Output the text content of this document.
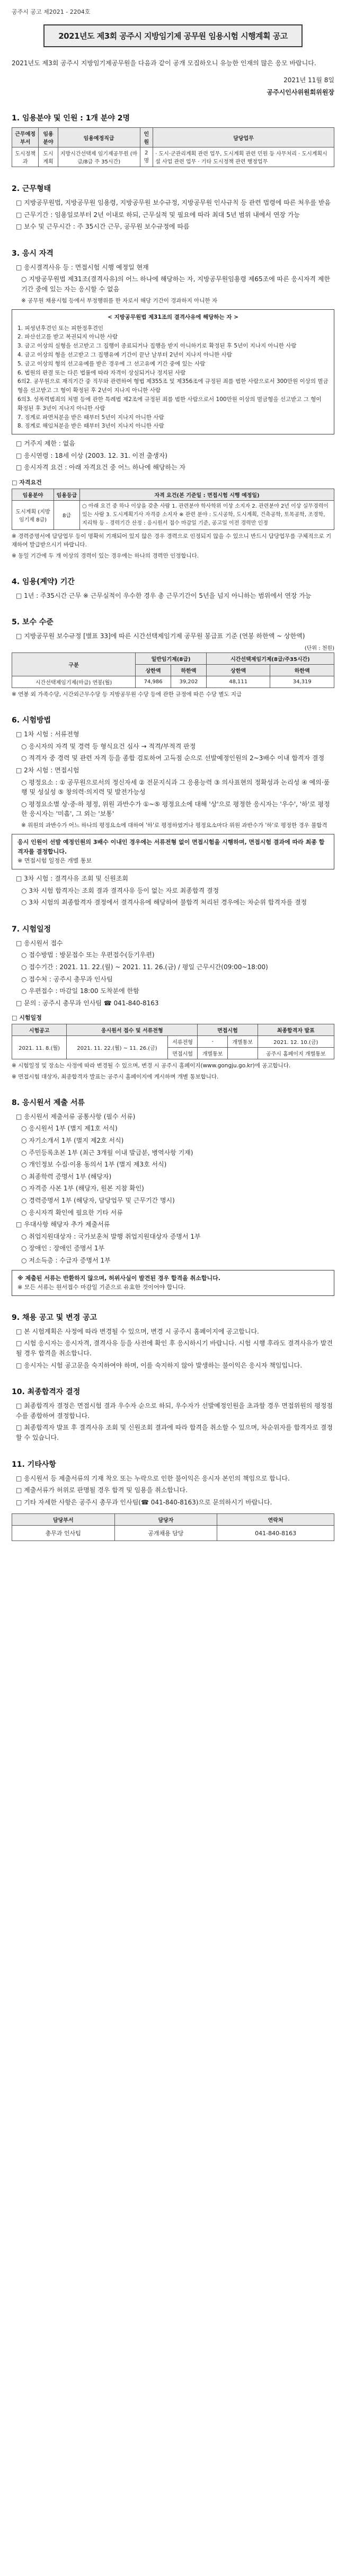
공주시 공고 제2021 - 2204호
2021년도 제3회 공주시 지방임기제 공무원 임용시험 시행계획 공고
2021년도 제3회 공주시 지방임기제공무원을 다음과 같이 공개 모집하오니 유능한 인재의 많은 응모 바랍니다.
2021년 11월 8일
공주시인사위원회위원장
1. 임용분야 및 인원 : 1개 분야 2명
근무예정 부서	임용분야	임용예정직급	인원	담당업무
도시정책과	도시계획	지방시간선택제 임기제공무원 (마급/8급 주 35시간)	2명	· 도시·군관리계획 관련 업무, 도시계획 관련 민원 등 사무처리 · 도시계획시설 사업 관련 업무 · 기타 도시정책 관련 행정업무
2. 근무형태

□ 지방공무원법, 지방공무원 임용령, 지방공무원 보수규정, 지방공무원 인사규칙 등 관련 법령에 따른 처우를 받음

□ 근무기간 : 임용일로부터 2년 이내로 하되, 근무실적 및 필요에 따라 최대 5년 범위 내에서 연장 가능

□ 보수 및 근무시간 : 주 35시간 근무, 공무원 보수규정에 따름

3. 응시 자격

□ 응시결격사유 등 : 면접시험 시행 예정일 현재

○ 지방공무원법 제31조(결격사유)의 어느 하나에 해당하는 자, 지방공무원임용령 제65조에 따른 응시자격 제한기간 중에 있는 자는 응시할 수 없음

※ 공무원 채용시험 등에서 부정행위를 한 자로서 해당 기간이 경과하지 아니한 자

< 지방공무원법 제31조의 결격사유에 해당하는 자 >
1. 피성년후견인 또는 피한정후견인
2. 파산선고를 받고 복권되지 아니한 사람
3. 금고 이상의 실형을 선고받고 그 집행이 종료되거나 집행을 받지 아니하기로 확정된 후 5년이 지나지 아니한 사람
4. 금고 이상의 형을 선고받고 그 집행유예 기간이 끝난 날부터 2년이 지나지 아니한 사람
5. 금고 이상의 형의 선고유예를 받은 경우에 그 선고유예 기간 중에 있는 사람
6. 법원의 판결 또는 다른 법률에 따라 자격이 상실되거나 정지된 사람
6의2. 공무원으로 재직기간 중 직무와 관련하여 형법 제355조 및 제356조에 규정된 죄를 범한 사람으로서 300만원 이상의 벌금형을 선고받고 그 형이 확정된 후 2년이 지나지 아니한 사람
6의3. 성폭력범죄의 처벌 등에 관한 특례법 제2조에 규정된 죄를 범한 사람으로서 100만원 이상의 벌금형을 선고받고 그 형이 확정된 후 3년이 지나지 아니한 사람
7. 징계로 파면처분을 받은 때부터 5년이 지나지 아니한 사람
8. 징계로 해임처분을 받은 때부터 3년이 지나지 아니한 사람

□ 거주지 제한 : 없음

□ 응시연령 : 18세 이상 (2003. 12. 31. 이전 출생자)

□ 응시자격 요건 : 아래 자격요건 중 어느 하나에 해당하는 자

□ 자격요건
임용분야	임용등급	자격 요건(본 기준일 : 면접시험 시행 예정일)
도시계획 (지방임기제 8급)	8급	○ 아래 요건 중 하나 이상을 갖춘 사람 1. 관련분야 학사학위 이상 소지자 2. 관련분야 2년 이상 실무경력이 있는 사람 3. 도시계획기사 자격증 소지자 ※ 관련 분야 : 도시공학, 도시계획, 건축공학, 토목공학, 조경학, 지리학 등 - 경력기간 산정 : 응시원서 접수 마감일 기준, 공고일 이전 경력만 인정

※ 경력증명서에 담당업무 등이 명확히 기재되어 있지 않은 경우 경력으로 인정되지 않을 수 있으니 반드시 담당업무를 구체적으로 기재하여 발급받으시기 바랍니다.

※ 동일 기간에 두 개 이상의 경력이 있는 경우에는 하나의 경력만 인정합니다.

4. 임용(계약) 기간

□ 1년 : 주35시간 근무 ※ 근무실적이 우수한 경우 총 근무기간이 5년을 넘지 아니하는 범위에서 연장 가능

5. 보수 수준

□ 지방공무원 보수규정 [별표 33]에 따른 시간선택제임기제 공무원 봉급표 기준 (연봉 하한액 ~ 상한액)

(단위 : 천원)
구분	일반임기제(8급)		시간선택제임기제(8급/주35시간)	
	상한액	하한액	상한액	하한액
시간선택제임기제(마급) 연봉(월)	74,986	39,202	48,111	34,319

※ 연봉 외 가족수당, 시간외근무수당 등 지방공무원 수당 등에 관한 규정에 따른 수당 별도 지급

6. 시험방법

□ 1차 시험 : 서류전형

○ 응시자의 자격 및 경력 등 형식요건 심사 → 적격/부적격 판정

○ 적격자 중 경력 및 관련 자격 등을 종합 검토하여 고득점 순으로 선발예정인원의 2~3배수 이내 합격자 결정

□ 2차 시험 : 면접시험

○ 평정요소 : ① 공무원으로서의 정신자세 ② 전문지식과 그 응용능력 ③ 의사표현의 정확성과 논리성 ④ 예의·품행 및 성실성 ⑤ 창의력·의지력 및 발전가능성

○ 평정요소별 상·중·하 평정, 위원 과반수가 ①~⑤ 평정요소에 대해 '상'으로 평정한 응시자는 '우수', '하'로 평정한 응시자는 '미흡', 그 외는 '보통'

※ 위원의 과반수가 어느 하나의 평정요소에 대하여 '하'로 평정하였거나 평정요소마다 위원 과반수가 '하'로 평정한 경우 불합격

응시 인원이 선발 예정인원의 3배수 이내인 경우에는 서류전형 없이 면접시험을 시행하며, 면접시험 결과에 따라 최종 합격자를 결정합니다.
※ 면접시험 일정은 개별 통보

□ 3차 시험 : 결격사유 조회 및 신원조회

○ 3차 시험 합격자는 조회 결과 결격사유 등이 없는 자로 최종합격 결정

○ 3차 시험의 최종합격자 결정에서 결격사유에 해당하여 불합격 처리된 경우에는 차순위 합격자를 결정

7. 시험일정

□ 응시원서 접수

○ 접수방법 : 방문접수 또는 우편접수(등기우편)

○ 접수기간 : 2021. 11. 22.(월) ~ 2021. 11. 26.(금) / 평일 근무시간(09:00~18:00)

○ 접수처 : 공주시 총무과 인사팀

○ 우편접수 : 마감일 18:00 도착분에 한함

□ 문의 : 공주시 총무과 인사팀 ☎ 041-840-8163

□ 시험일정
시험공고	응시원서 접수 및 서류전형		면접시험		최종합격자 발표
2021. 11. 8.(월)	2021. 11. 22.(월) ~ 11. 26.(금)	서류전형	-	개별통보	2021. 12. 10.(금)
		면접시험	개별통보		공주시 홈페이지 개별통보

※ 시험일정 및 장소는 사정에 따라 변경될 수 있으며, 변경 시 공주시 홈페이지(www.gongju.go.kr)에 공고합니다.

※ 면접시험 대상자, 최종합격자 발표는 공주시 홈페이지에 게시하며 개별 통보합니다.

8. 응시원서 제출 서류

□ 응시원서 제출서류 공통사항 (필수 서류)

○ 응시원서 1부 (별지 제1호 서식)

○ 자기소개서 1부 (별지 제2호 서식)

○ 주민등록초본 1부 (최근 3개월 이내 발급분, 병역사항 기재)

○ 개인정보 수집·이용 동의서 1부 (별지 제3호 서식)

○ 최종학력 증명서 1부 (해당자)

○ 자격증 사본 1부 (해당자, 원본 지참 확인)

○ 경력증명서 1부 (해당자, 담당업무 및 근무기간 명시)

○ 응시자격 확인에 필요한 기타 서류

□ 우대사항 해당자 추가 제출서류

○ 취업지원대상자 : 국가보훈처 발행 취업지원대상자 증명서 1부

○ 장애인 : 장애인 증명서 1부

○ 저소득층 : 수급자 증명서 1부

※ 제출된 서류는 반환하지 않으며, 허위사실이 발견된 경우 합격을 취소합니다.
※ 모든 서류는 원서접수 마감일 기준으로 유효한 것이어야 합니다.
9. 채용 공고 및 변경 공고

□ 본 시험계획은 사정에 따라 변경될 수 있으며, 변경 시 공주시 홈페이지에 공고합니다.

□ 시험 응시자는 응시자격, 결격사유 등을 사전에 확인 후 응시하시기 바랍니다. 시험 시행 후라도 결격사유가 발견될 경우 합격을 취소합니다.

□ 응시자는 시험 공고문을 숙지하여야 하며, 이를 숙지하지 않아 발생하는 불이익은 응시자 책임입니다.

10. 최종합격자 결정

□ 최종합격자 결정은 면접시험 결과 우수자 순으로 하되, 우수자가 선발예정인원을 초과할 경우 면접위원의 평정점수를 종합하여 결정합니다.

□ 최종합격자 발표 후 결격사유 조회 및 신원조회 결과에 따라 합격을 취소할 수 있으며, 차순위자를 합격자로 결정할 수 있습니다.

11. 기타사항

□ 응시원서 등 제출서류의 기재 착오 또는 누락으로 인한 불이익은 응시자 본인의 책임으로 합니다.

□ 제출서류가 허위로 판명될 경우 합격 및 임용을 취소합니다.

□ 기타 자세한 사항은 공주시 총무과 인사팀(☎ 041-840-8163)으로 문의하시기 바랍니다.

담당부서	담당자	연락처
총무과 인사팀	공개채용 담당	041-840-8163
